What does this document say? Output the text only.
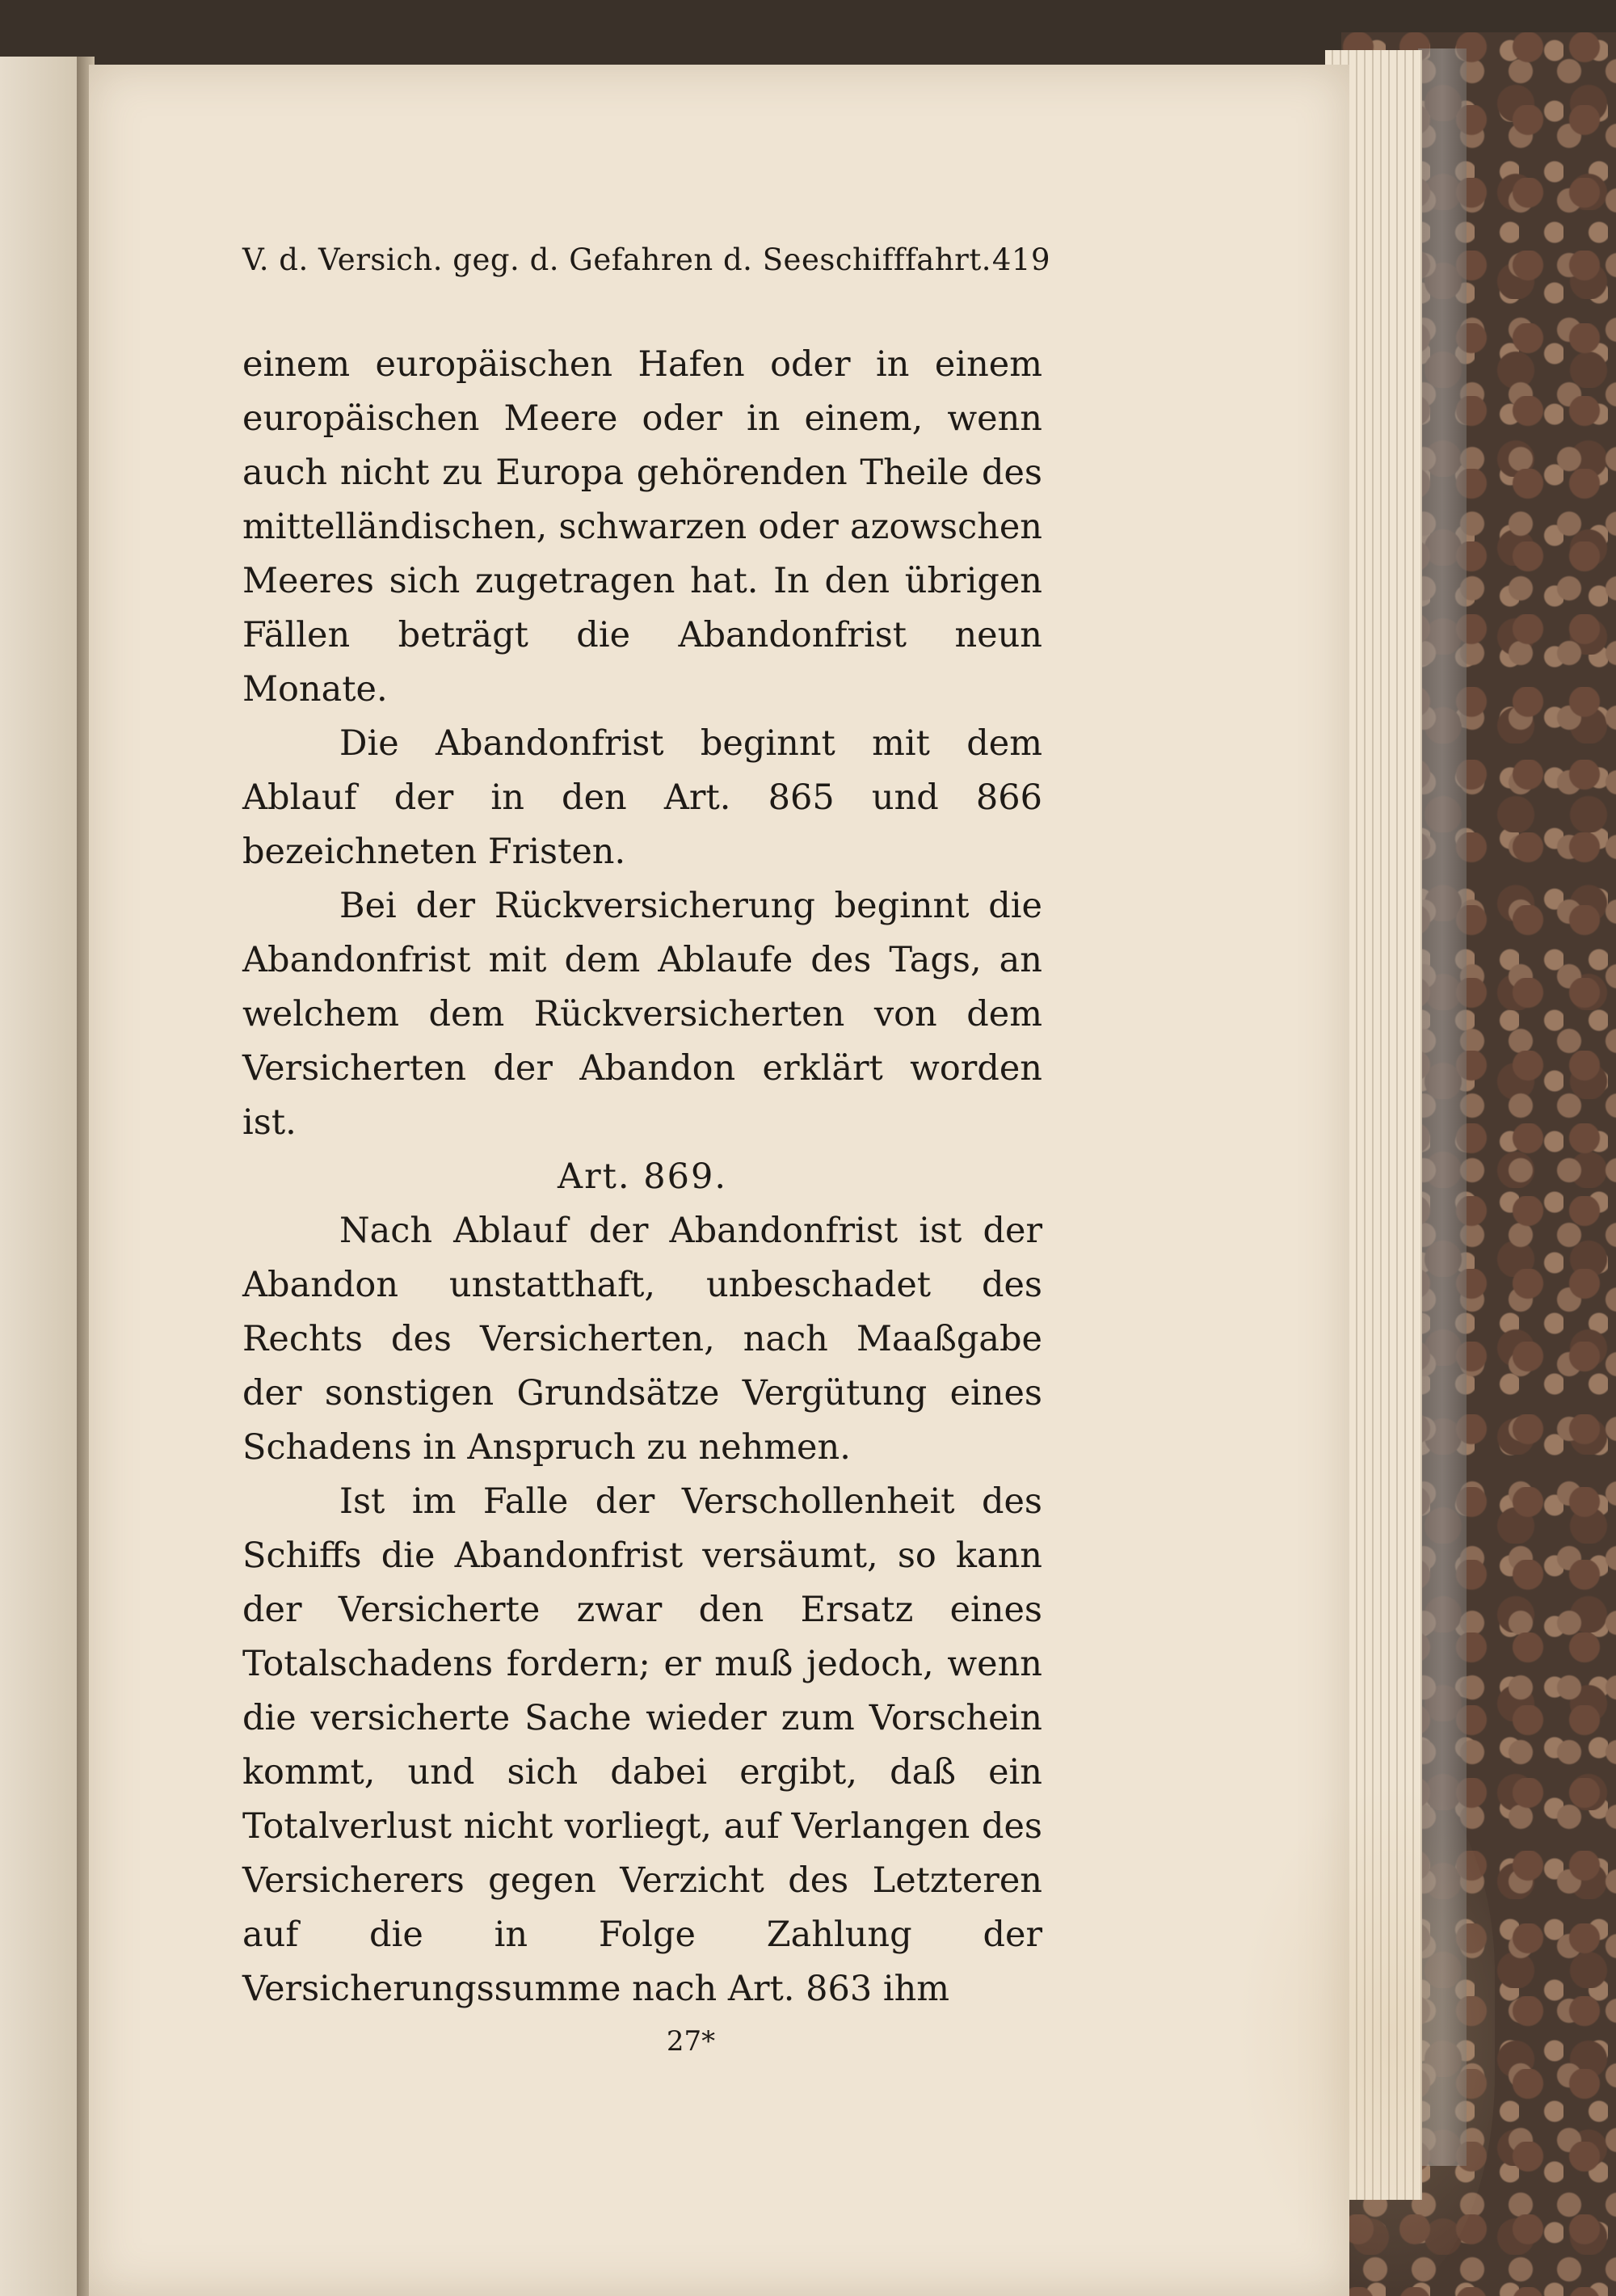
V. d. Versich. geg. d. Gefahren d. Seeschifffahrt. 419

einem europäischen Hafen oder in einem europäischen Meere oder in einem, wenn auch nicht zu Europa gehörenden Theile des mittelländischen, schwarzen oder azowschen Meeres sich zugetragen hat. In den übrigen Fällen beträgt die Abandonfrist neun Monate.

Die Abandonfrist beginnt mit dem Ablauf der in den Art. 865 und 866 bezeichneten Fristen.

Bei der Rückversicherung beginnt die Abandonfrist mit dem Ablaufe des Tags, an welchem dem Rückversicherten von dem Versicherten der Abandon erklärt worden ist.

Art. 869.

Nach Ablauf der Abandonfrist ist der Abandon unstatthaft, unbeschadet des Rechts des Versicherten, nach Maaßgabe der sonstigen Grundsätze Vergütung eines Schadens in Anspruch zu nehmen.

Ist im Falle der Verschollenheit des Schiffs die Abandonfrist versäumt, so kann der Versicherte zwar den Ersatz eines Totalschadens fordern; er muß jedoch, wenn die versicherte Sache wieder zum Vorschein kommt, und sich dabei ergibt, daß ein Totalverlust nicht vorliegt, auf Verlangen des Versicherers gegen Verzicht des Letzteren auf die in Folge Zahlung der Versicherungssumme nach Art. 863 ihm

27*
